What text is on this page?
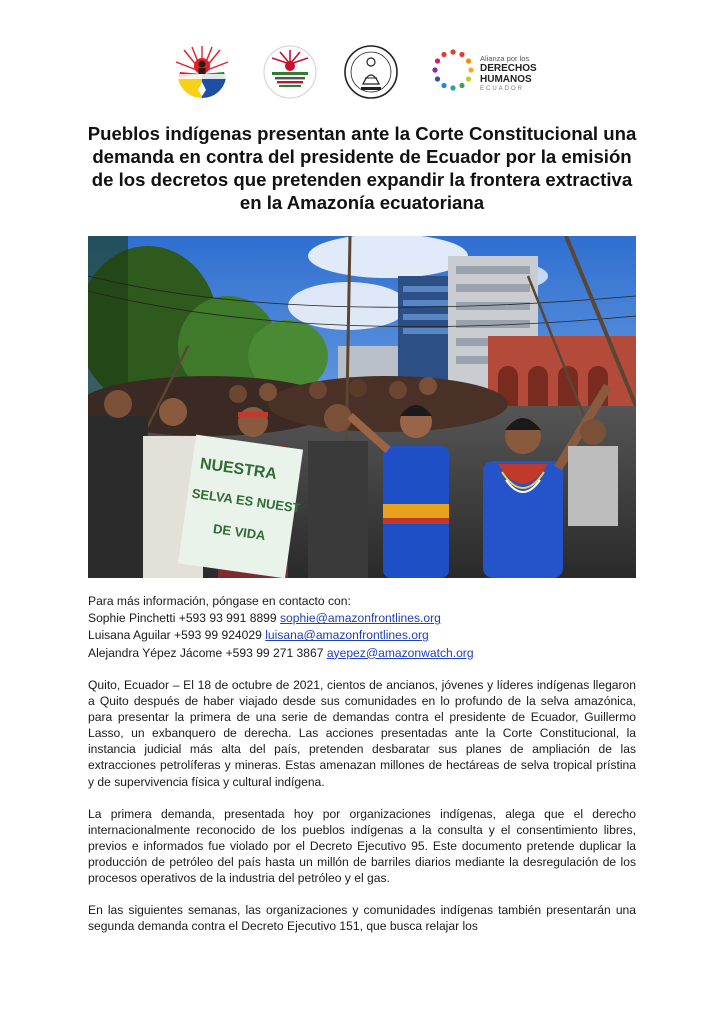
Alianza por los
DERECHOS
HUMANOS
ECUADOR
Pueblos indígenas presentan ante la Corte Constitucional una demanda en contra del presidente de Ecuador por la emisión de los decretos que pretenden expandir la frontera extractiva en la Amazonía ecuatoriana
NUESTRA
SELVA ES NUEST
DE VIDA
Para más información, póngase en contacto con:
Sophie Pinchetti +593 93 991 8899 sophie@amazonfrontlines.org
Luisana Aguilar +593 99 924029 luisana@amazonfrontlines.org
Alejandra Yépez Jácome +593 99 271 3867 ayepez@amazonwatch.org

Quito, Ecuador – El 18 de octubre de 2021, cientos de ancianos, jóvenes y líderes indígenas llegaron a Quito después de haber viajado desde sus comunidades en lo profundo de la selva amazónica, para presentar la primera de una serie de demandas contra el presidente de Ecuador, Guillermo Lasso, un exbanquero de derecha. Las acciones presentadas ante la Corte Constitucional, la instancia judicial más alta del país, pretenden desbaratar sus planes de ampliación de las extracciones petrolíferas y mineras. Estas amenazan millones de hectáreas de selva tropical prístina y de supervivencia física y cultural indígena.

La primera demanda, presentada hoy por organizaciones indígenas, alega que el derecho internacionalmente reconocido de los pueblos indígenas a la consulta y el consentimiento libres, previos e informados fue violado por el Decreto Ejecutivo 95. Este documento pretende duplicar la producción de petróleo del país hasta un millón de barriles diarios mediante la desregulación de los procesos operativos de la industria del petróleo y el gas.

En las siguientes semanas, las organizaciones y comunidades indígenas también presentarán una segunda demanda contra el Decreto Ejecutivo 151, que busca relajar los
